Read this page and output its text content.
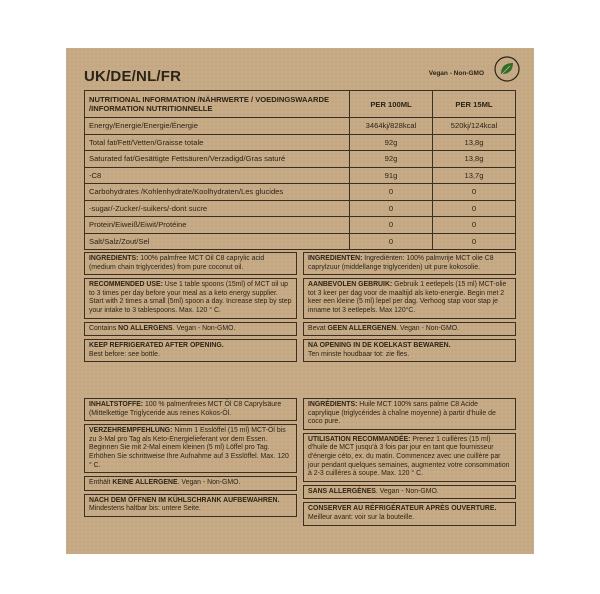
UK/DE/NL/FR	Vegan - Non-GMO
NUTRITIONAL INFORMATION /NÄHRWERTE / VOEDINGSWAARDE /INFORMATION NUTRITIONNELLE	PER 100ML	PER 15ML
Energy/Energie/Energie/Énergie	3464kj/828kcal	520kj/124kcal
Total fat/Fett/Vetten/Graisse totale	92g	13,8g
Saturated fat/Gesättigte Fettsäuren/Verzadigd/Gras saturé	92g	13,8g
-C8	91g	13,7g
Carbohydrates /Kohlenhydrate/Koolhydraten/Les glucides	0	0
-sugar/-Zucker/-suikers/-dont sucre	0	0
Protein/Eiweiß/Eiwit/Protéine	0	0
Salt/Salz/Zout/Sel	0	0
INGREDIENTS: 100% palmfree MCT Oil C8 caprylic acid (medium chain triglycerides) from pure coconut oil.
RECOMMENDED USE: Use 1 table spoons (15ml) of MCT oil up to 3 times per day before your meal as a keto energy supplier. Start with 2 times a small (5ml) spoon a day. Increase step by step your intake to 3 tablespoons. Max. 120 ° C.
Contains NO ALLERGENS. Vegan - Non-GMO.
KEEP REFRIGERATED AFTER OPENING.
Best before: see bottle.
INGREDIENTEN: Ingrediënten: 100% palmvrije MCT olie C8 caprylzuur (middellange triglyceriden) uit pure kokosolie.
AANBEVOLEN GEBRUIK: Gebruik 1 eetlepels (15 ml) MCT-olie tot 3 keer per dag voor de maaltijd als keto-energie. Begin met 2 keer een kleine (5 ml) lepel per dag. Verhoog stap voor stap je inname tot 3 eetlepels. Max 120°C.
Bevat GEEN ALLERGENEN. Vegan - Non-GMO.
NA OPENING IN DE KOELKAST BEWAREN.
Ten minste houdbaar tot: zie fles.
INHALTSTOFFE: 100 % palmenfreies MCT Öl C8 Caprylsäure (Mittelkettige Triglyceride aus reines Kokos-Öl.
VERZEHREMPFEHLUNG: Nimm 1 Esslöffel (15 ml) MCT-Öl bis zu 3-Mal pro Tag als Keto-Energielieferant vor dem Essen. Beginnen Sie mit 2-Mal einem kleinen (5 ml) Löffel pro Tag. Erhöhen Sie schrittweise Ihre Aufnahme auf 3 Esslöffel. Max. 120 ° C.
Enthält KEINE ALLERGENE. Vegan - Non-GMO.
NACH DEM ÖFFNEN IM KÜHLSCHRANK AUFBEWAHREN.
Mindestens haltbar bis: untere Seite.
INGRÉDIENTS: Huile MCT 100% sans palme C8 Acide caprylique (triglycérides à chaîne moyenne) à partir d'huile de coco pure.
UTILISATION RECOMMANDÉE: Prenez 1 cuillères (15 ml) d'huile de MCT jusqu'à 3 fois par jour en tant que fournisseur d'énergie céto, ex. du matin. Commencez avec une cuillère par jour pendant quelques semaines, augmentez votre consommation à 2-3 cuillères à soupe. Max. 120 ° C.
SANS ALLERGÈNES. Vegan - Non-GMO.
CONSERVER AU RÉFRIGÉRATEUR APRÈS OUVERTURE.
Meilleur avant: voir sur la bouteille.
